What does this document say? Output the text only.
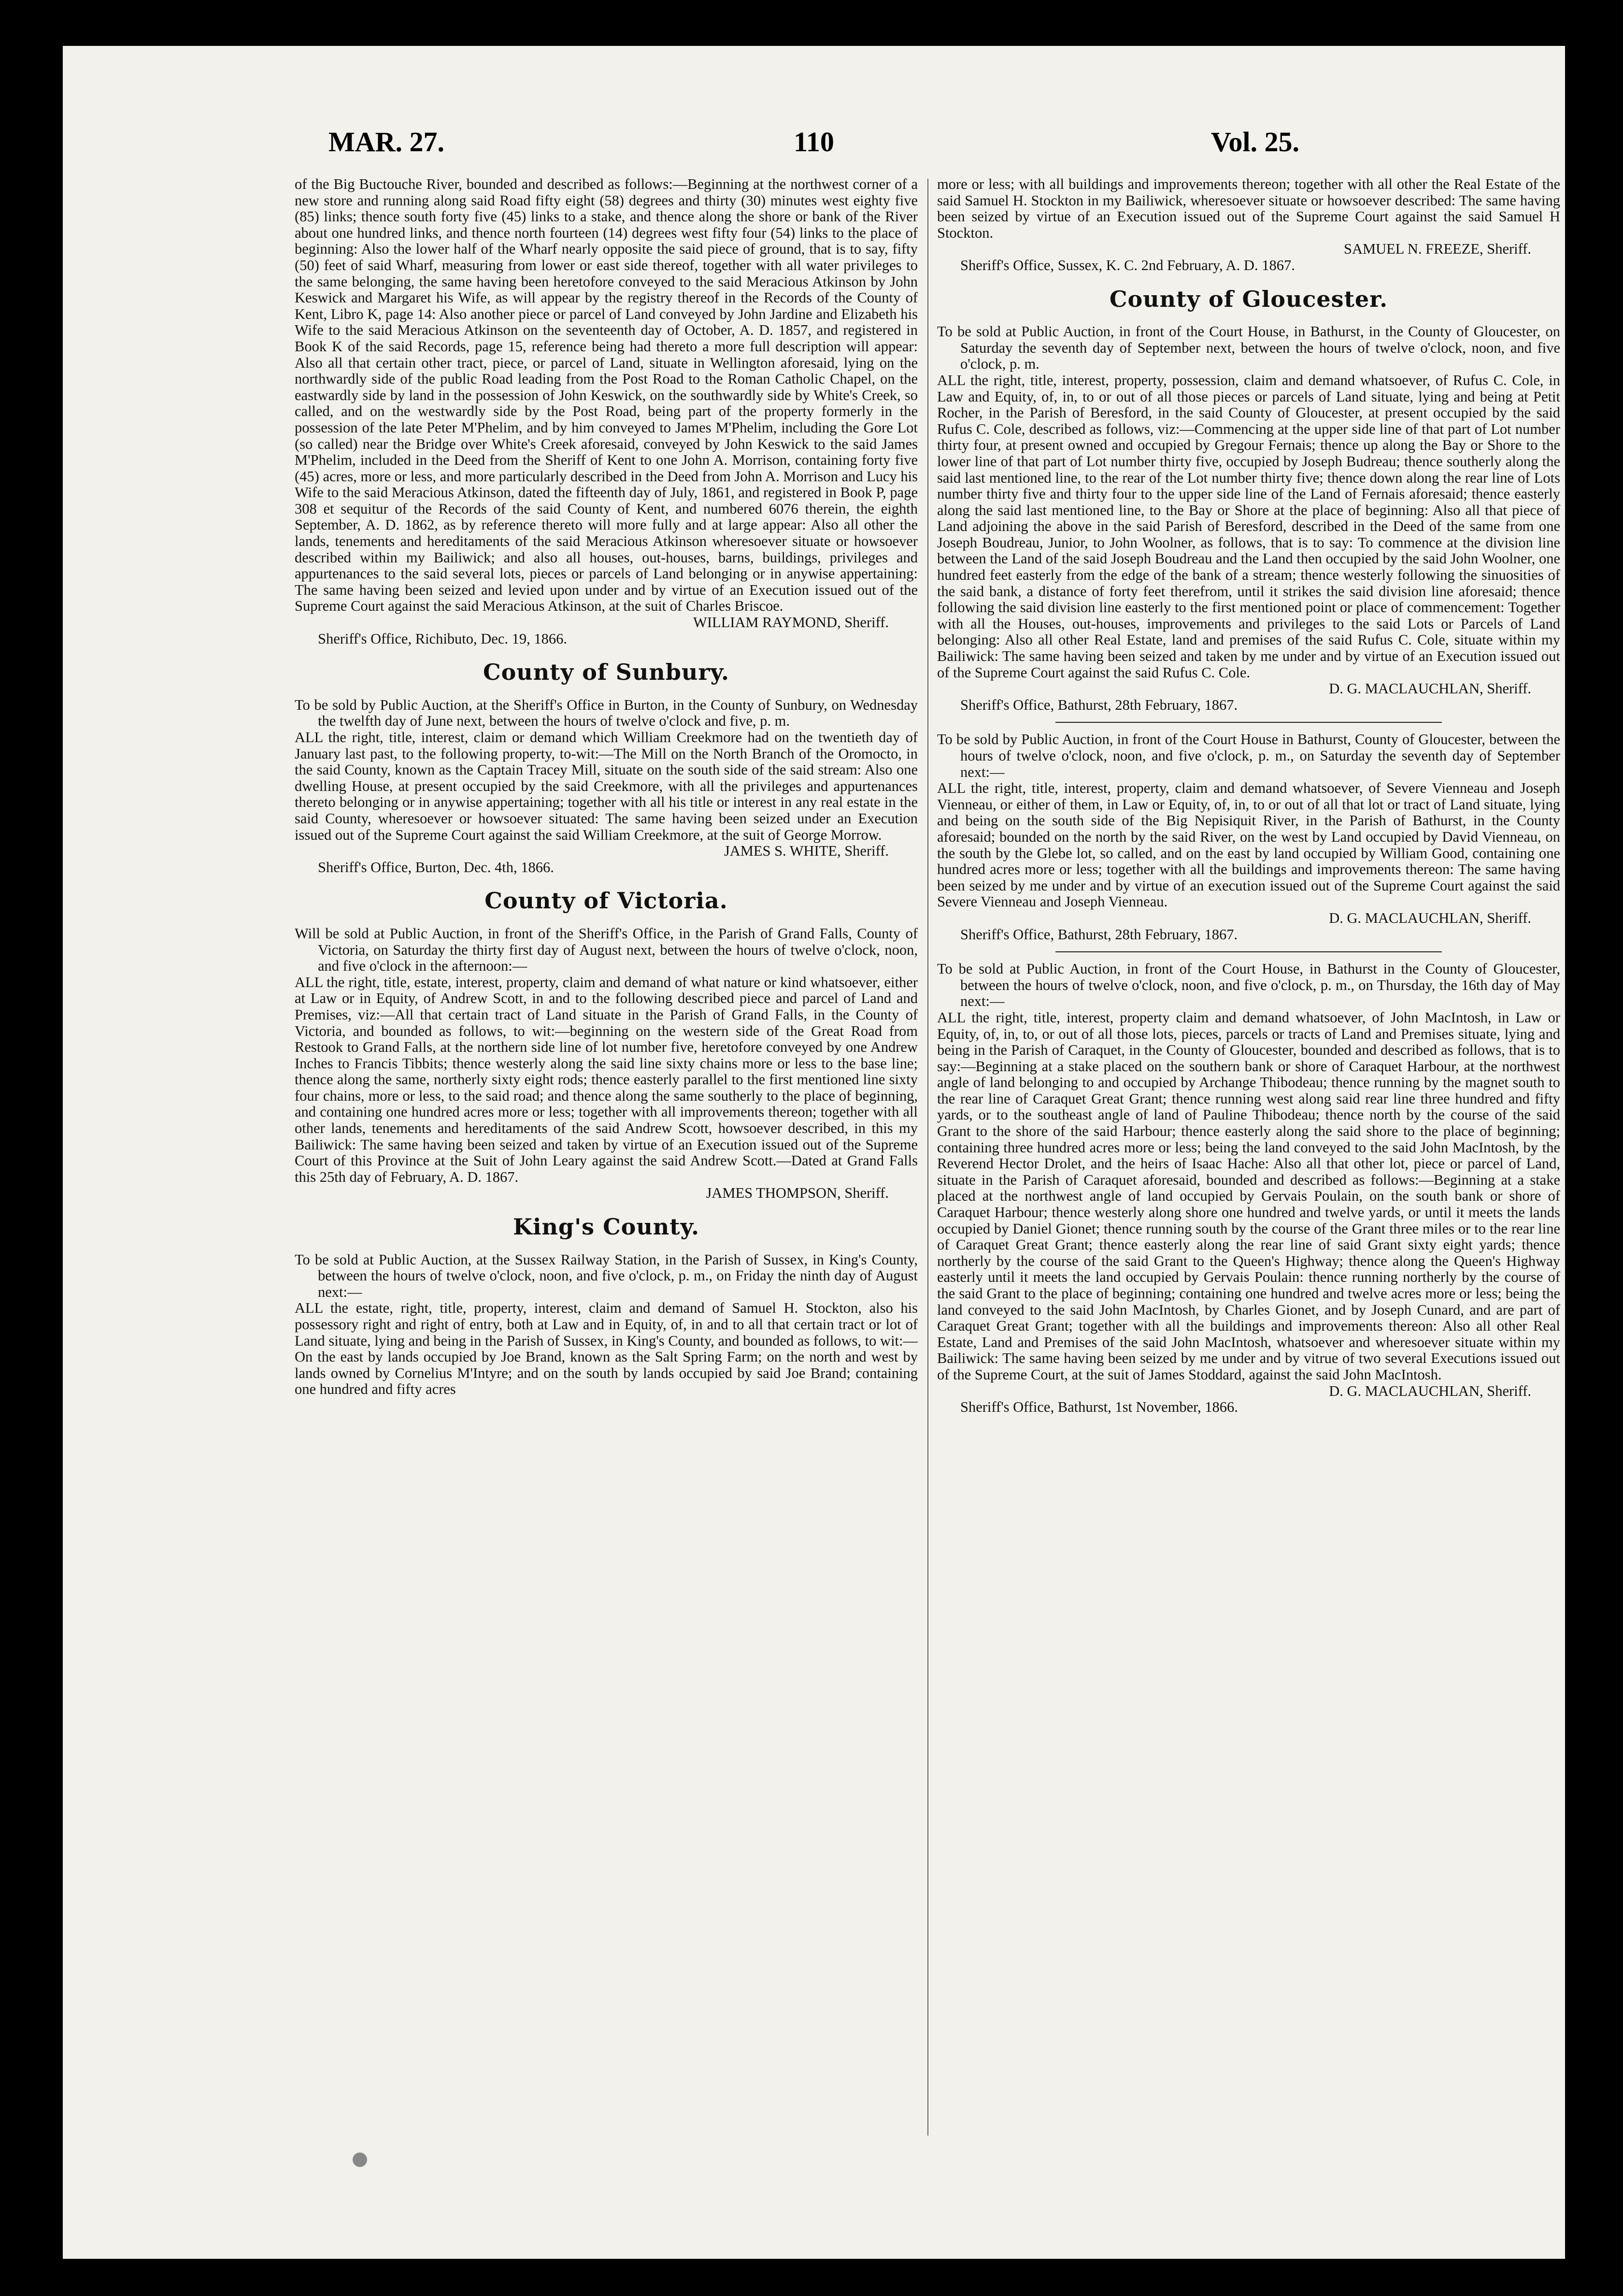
MAR. 27.	110	Vol. 25.

of the Big Buctouche River, bounded and described as follows:—Beginning at the northwest corner of a new store and running along said Road fifty eight (58) degrees and thirty (30) minutes west eighty five (85) links; thence south forty five (45) links to a stake, and thence along the shore or bank of the River about one hundred links, and thence north fourteen (14) degrees west fifty four (54) links to the place of beginning: Also the lower half of the Wharf nearly opposite the said piece of ground, that is to say, fifty (50) feet of said Wharf, measuring from lower or east side thereof, together with all water privileges to the same belonging, the same having been heretofore conveyed to the said Meracious Atkinson by John Keswick and Margaret his Wife, as will appear by the registry thereof in the Records of the County of Kent, Libro K, page 14: Also another piece or parcel of Land conveyed by John Jardine and Elizabeth his Wife to the said Meracious Atkinson on the seventeenth day of October, A. D. 1857, and registered in Book K of the said Records, page 15, reference being had thereto a more full description will appear: Also all that certain other tract, piece, or parcel of Land, situate in Wellington aforesaid, lying on the northwardly side of the public Road leading from the Post Road to the Roman Catholic Chapel, on the eastwardly side by land in the possession of John Keswick, on the southwardly side by White's Creek, so called, and on the westwardly side by the Post Road, being part of the property formerly in the possession of the late Peter M'Phelim, and by him conveyed to James M'Phelim, including the Gore Lot (so called) near the Bridge over White's Creek aforesaid, conveyed by John Keswick to the said James M'Phelim, included in the Deed from the Sheriff of Kent to one John A. Morrison, containing forty five (45) acres, more or less, and more particularly described in the Deed from John A. Morrison and Lucy his Wife to the said Meracious Atkinson, dated the fifteenth day of July, 1861, and registered in Book P, page 308 et sequitur of the Records of the said County of Kent, and numbered 6076 therein, the eighth September, A. D. 1862, as by reference thereto will more fully and at large appear: Also all other the lands, tenements and hereditaments of the said Meracious Atkinson wheresoever situate or howsoever described within my Bailiwick; and also all houses, out-houses, barns, buildings, privileges and appurtenances to the said several lots, pieces or parcels of Land belonging or in anywise appertaining: The same having been seized and levied upon under and by virtue of an Execution issued out of the Supreme Court against the said Meracious Atkinson, at the suit of Charles Briscoe.

WILLIAM RAYMOND, Sheriff.

Sheriff's Office, Richibuto, Dec. 19, 1866.

County of Sunbury.

To be sold by Public Auction, at the Sheriff's Office in Burton, in the County of Sunbury, on Wednesday the twelfth day of June next, between the hours of twelve o'clock and five, p. m.

ALL the right, title, interest, claim or demand which William Creekmore had on the twentieth day of January last past, to the following property, to-wit:—The Mill on the North Branch of the Oromocto, in the said County, known as the Captain Tracey Mill, situate on the south side of the said stream: Also one dwelling House, at present occupied by the said Creekmore, with all the privileges and appurtenances thereto belonging or in anywise appertaining; together with all his title or interest in any real estate in the said County, wheresoever or howsoever situated: The same having been seized under an Execution issued out of the Supreme Court against the said William Creekmore, at the suit of George Morrow.

JAMES S. WHITE, Sheriff.

Sheriff's Office, Burton, Dec. 4th, 1866.

County of Victoria.

Will be sold at Public Auction, in front of the Sheriff's Office, in the Parish of Grand Falls, County of Victoria, on Saturday the thirty first day of August next, between the hours of twelve o'clock, noon, and five o'clock in the afternoon:—

ALL the right, title, estate, interest, property, claim and demand of what nature or kind whatsoever, either at Law or in Equity, of Andrew Scott, in and to the following described piece and parcel of Land and Premises, viz:—All that certain tract of Land situate in the Parish of Grand Falls, in the County of Victoria, and bounded as follows, to wit:—beginning on the western side of the Great Road from Restook to Grand Falls, at the northern side line of lot number five, heretofore conveyed by one Andrew Inches to Francis Tibbits; thence westerly along the said line sixty chains more or less to the base line; thence along the same, northerly sixty eight rods; thence easterly parallel to the first mentioned line sixty four chains, more or less, to the said road; and thence along the same southerly to the place of beginning, and containing one hundred acres more or less; together with all improvements thereon; together with all other lands, tenements and hereditaments of the said Andrew Scott, howsoever described, in this my Bailiwick: The same having been seized and taken by virtue of an Execution issued out of the Supreme Court of this Province at the Suit of John Leary against the said Andrew Scott.—Dated at Grand Falls this 25th day of February, A. D. 1867.

JAMES THOMPSON, Sheriff.

King's County.

To be sold at Public Auction, at the Sussex Railway Station, in the Parish of Sussex, in King's County, between the hours of twelve o'clock, noon, and five o'clock, p. m., on Friday the ninth day of August next:—

ALL the estate, right, title, property, interest, claim and demand of Samuel H. Stockton, also his possessory right and right of entry, both at Law and in Equity, of, in and to all that certain tract or lot of Land situate, lying and being in the Parish of Sussex, in King's County, and bounded as follows, to wit:—On the east by lands occupied by Joe Brand, known as the Salt Spring Farm; on the north and west by lands owned by Cornelius M'Intyre; and on the south by lands occupied by said Joe Brand; containing one hundred and fifty acres

more or less; with all buildings and improvements thereon; together with all other the Real Estate of the said Samuel H. Stockton in my Bailiwick, wheresoever situate or howsoever described: The same having been seized by virtue of an Execution issued out of the Supreme Court against the said Samuel H Stockton.

SAMUEL N. FREEZE, Sheriff.

Sheriff's Office, Sussex, K. C. 2nd February, A. D. 1867.

County of Gloucester.

To be sold at Public Auction, in front of the Court House, in Bathurst, in the County of Gloucester, on Saturday the seventh day of September next, between the hours of twelve o'clock, noon, and five o'clock, p. m.

ALL the right, title, interest, property, possession, claim and demand whatsoever, of Rufus C. Cole, in Law and Equity, of, in, to or out of all those pieces or parcels of Land situate, lying and being at Petit Rocher, in the Parish of Beresford, in the said County of Gloucester, at present occupied by the said Rufus C. Cole, described as follows, viz:—Commencing at the upper side line of that part of Lot number thirty four, at present owned and occupied by Gregour Fernais; thence up along the Bay or Shore to the lower line of that part of Lot number thirty five, occupied by Joseph Budreau; thence southerly along the said last mentioned line, to the rear of the Lot number thirty five; thence down along the rear line of Lots number thirty five and thirty four to the upper side line of the Land of Fernais aforesaid; thence easterly along the said last mentioned line, to the Bay or Shore at the place of beginning: Also all that piece of Land adjoining the above in the said Parish of Beresford, described in the Deed of the same from one Joseph Boudreau, Junior, to John Woolner, as follows, that is to say: To commence at the division line between the Land of the said Joseph Boudreau and the Land then occupied by the said John Woolner, one hundred feet easterly from the edge of the bank of a stream; thence westerly following the sinuosities of the said bank, a distance of forty feet therefrom, until it strikes the said division line aforesaid; thence following the said division line easterly to the first mentioned point or place of commencement: Together with all the Houses, out-houses, improvements and privileges to the said Lots or Parcels of Land belonging: Also all other Real Estate, land and premises of the said Rufus C. Cole, situate within my Bailiwick: The same having been seized and taken by me under and by virtue of an Execution issued out of the Supreme Court against the said Rufus C. Cole.

D. G. MACLAUCHLAN, Sheriff.

Sheriff's Office, Bathurst, 28th February, 1867.

To be sold by Public Auction, in front of the Court House in Bathurst, County of Gloucester, between the hours of twelve o'clock, noon, and five o'clock, p. m., on Saturday the seventh day of September next:—

ALL the right, title, interest, property, claim and demand whatsoever, of Severe Vienneau and Joseph Vienneau, or either of them, in Law or Equity, of, in, to or out of all that lot or tract of Land situate, lying and being on the south side of the Big Nepisiquit River, in the Parish of Bathurst, in the County aforesaid; bounded on the north by the said River, on the west by Land occupied by David Vienneau, on the south by the Glebe lot, so called, and on the east by land occupied by William Good, containing one hundred acres more or less; together with all the buildings and improvements thereon: The same having been seized by me under and by virtue of an execution issued out of the Supreme Court against the said Severe Vienneau and Joseph Vienneau.

D. G. MACLAUCHLAN, Sheriff.

Sheriff's Office, Bathurst, 28th February, 1867.

To be sold at Public Auction, in front of the Court House, in Bathurst in the County of Gloucester, between the hours of twelve o'clock, noon, and five o'clock, p. m., on Thursday, the 16th day of May next:—

ALL the right, title, interest, property claim and demand whatsoever, of John MacIntosh, in Law or Equity, of, in, to, or out of all those lots, pieces, parcels or tracts of Land and Premises situate, lying and being in the Parish of Caraquet, in the County of Gloucester, bounded and described as follows, that is to say:—Beginning at a stake placed on the southern bank or shore of Caraquet Harbour, at the northwest angle of land belonging to and occupied by Archange Thibodeau; thence running by the magnet south to the rear line of Caraquet Great Grant; thence running west along said rear line three hundred and fifty yards, or to the southeast angle of land of Pauline Thibodeau; thence north by the course of the said Grant to the shore of the said Harbour; thence easterly along the said shore to the place of beginning; containing three hundred acres more or less; being the land conveyed to the said John MacIntosh, by the Reverend Hector Drolet, and the heirs of Isaac Hache: Also all that other lot, piece or parcel of Land, situate in the Parish of Caraquet aforesaid, bounded and described as follows:—Beginning at a stake placed at the northwest angle of land occupied by Gervais Poulain, on the south bank or shore of Caraquet Harbour; thence westerly along shore one hundred and twelve yards, or until it meets the lands occupied by Daniel Gionet; thence running south by the course of the Grant three miles or to the rear line of Caraquet Great Grant; thence easterly along the rear line of said Grant sixty eight yards; thence northerly by the course of the said Grant to the Queen's Highway; thence along the Queen's Highway easterly until it meets the land occupied by Gervais Poulain: thence running northerly by the course of the said Grant to the place of beginning; containing one hundred and twelve acres more or less; being the land conveyed to the said John MacIntosh, by Charles Gionet, and by Joseph Cunard, and are part of Caraquet Great Grant; together with all the buildings and improvements thereon: Also all other Real Estate, Land and Premises of the said John MacIntosh, whatsoever and wheresoever situate within my Bailiwick: The same having been seized by me under and by vitrue of two several Executions issued out of the Supreme Court, at the suit of James Stoddard, against the said John MacIntosh.

D. G. MACLAUCHLAN, Sheriff.

Sheriff's Office, Bathurst, 1st November, 1866.
